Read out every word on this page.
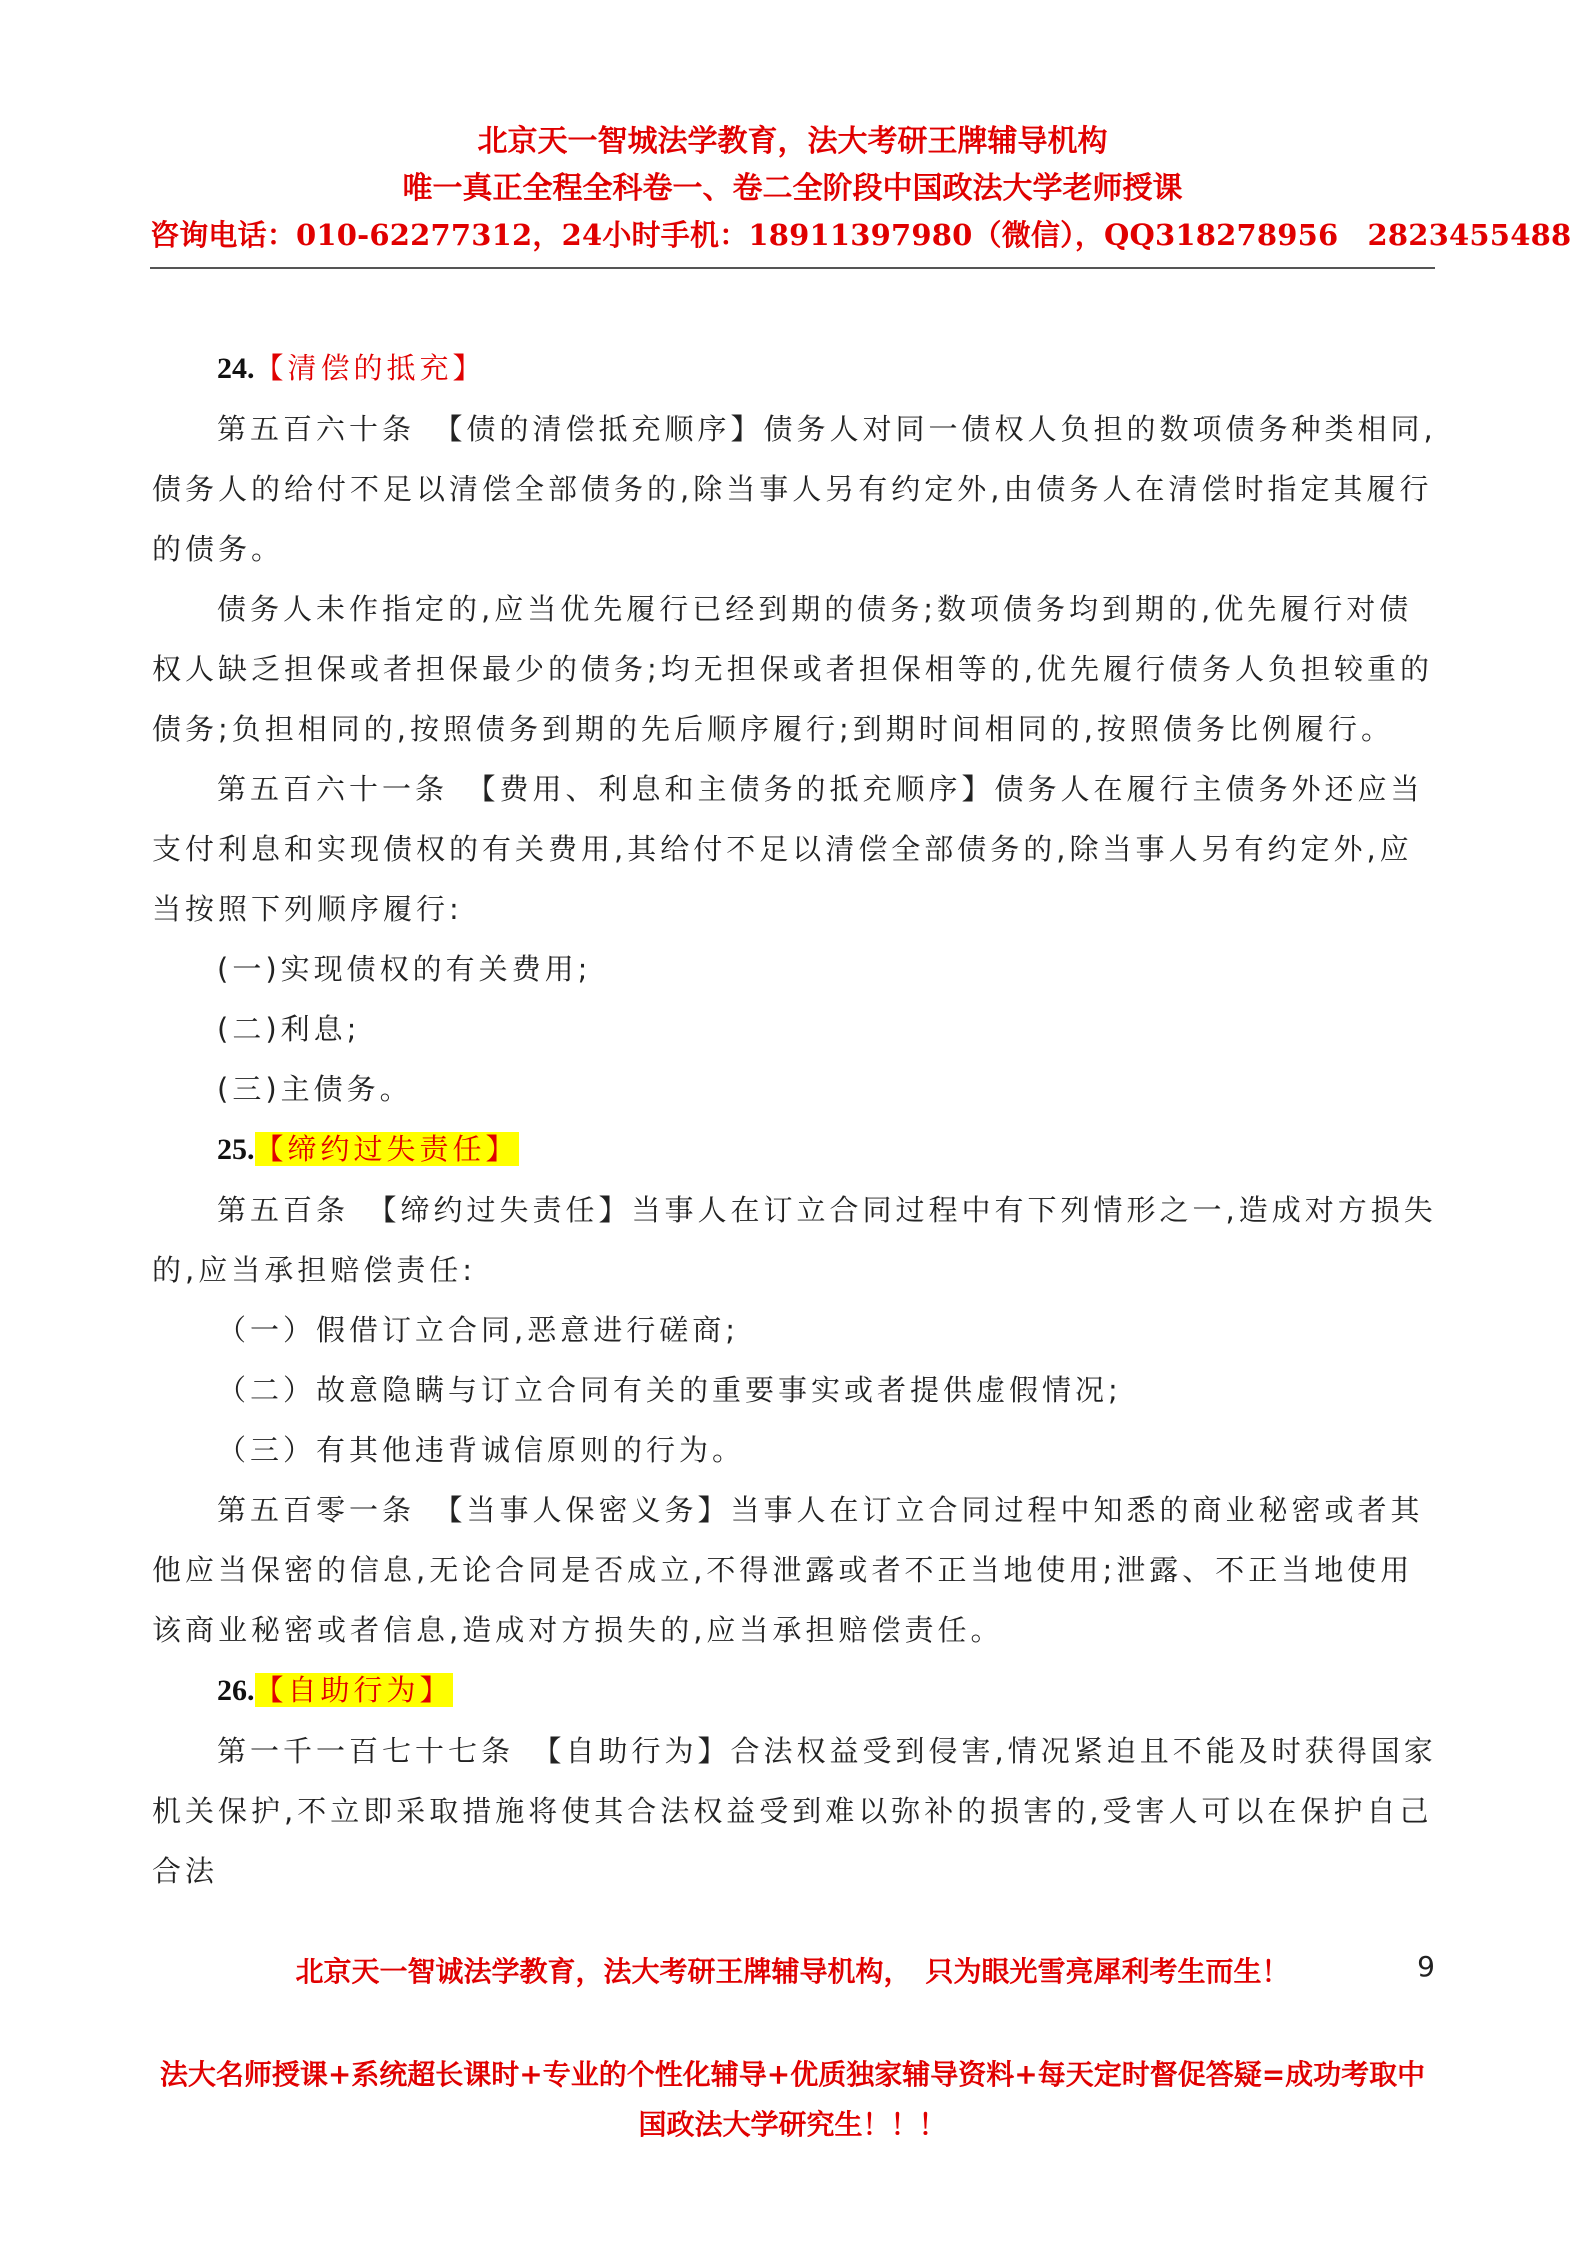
北京天一智城法学教育，法大考研王牌辅导机构
唯一真正全程全科卷一、卷二全阶段中国政法大学老师授课
咨询电话：010-62277312，24小时手机：18911397980（微信），QQ318278956　2823455488
24.【清偿的抵充】

第五百六十条　【债的清偿抵充顺序】债务人对同一债权人负担的数项债务种类相同,债务人的给付不足以清偿全部债务的,除当事人另有约定外,由债务人在清偿时指定其履行的债务。

债务人未作指定的,应当优先履行已经到期的债务;数项债务均到期的,优先履行对债权人缺乏担保或者担保最少的债务;均无担保或者担保相等的,优先履行债务人负担较重的债务;负担相同的,按照债务到期的先后顺序履行;到期时间相同的,按照债务比例履行。

第五百六十一条　【费用、利息和主债务的抵充顺序】债务人在履行主债务外还应当支付利息和实现债权的有关费用,其给付不足以清偿全部债务的,除当事人另有约定外,应当按照下列顺序履行:

(一)实现债权的有关费用;

(二)利息;

(三)主债务。

25.【缔约过失责任】

第五百条　【缔约过失责任】当事人在订立合同过程中有下列情形之一,造成对方损失的,应当承担赔偿责任:

（一）假借订立合同,恶意进行磋商;

（二）故意隐瞒与订立合同有关的重要事实或者提供虚假情况;

（三）有其他违背诚信原则的行为。

第五百零一条　【当事人保密义务】当事人在订立合同过程中知悉的商业秘密或者其他应当保密的信息,无论合同是否成立,不得泄露或者不正当地使用;泄露、不正当地使用该商业秘密或者信息,造成对方损失的,应当承担赔偿责任。

26.【自助行为】

第一千一百七十七条　【自助行为】合法权益受到侵害,情况紧迫且不能及时获得国家机关保护,不立即采取措施将使其合法权益受到难以弥补的损害的,受害人可以在保护自己合法

北京天一智诚法学教育，法大考研王牌辅导机构，　只为眼光雪亮犀利考生而生！	9
法大名师授课+系统超长课时+专业的个性化辅导+优质独家辅导资料+每天定时督促答疑=成功考取中国政法大学研究生！！！
